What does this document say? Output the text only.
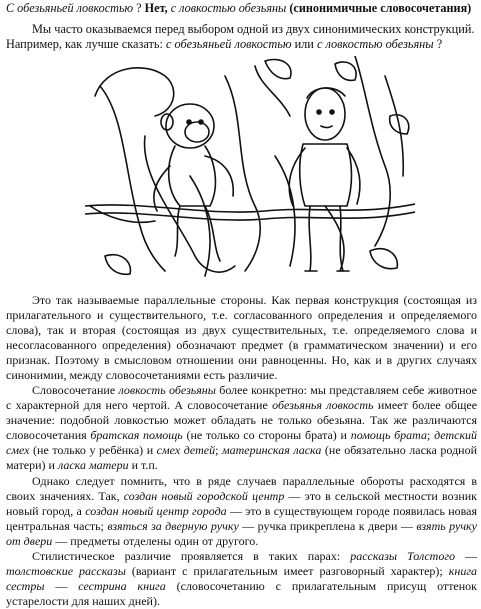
С обезьяньей ловкостью ? Нет, с ловкостью обезьяны (синонимичные словосочетания)

Мы часто оказываемся перед выбором одной из двух синонимических конструкций.

Например, как лучше сказать: с обезьяньей ловкостью или с ловкостью обезьяны ?

Это так называемые параллельные стороны. Как первая конструкция (состоящая из прилагательного и существительного, т.е. согласованного определения и определяемого слова), так и вторая (состоящая из двух существительных, т.е. определяемого слова и несогласованного определения) обозначают предмет (в грамматическом значении) и его признак. Поэтому в смысловом отношении они равноценны. Но, как и в других случаях синонимии, между словосочетаниями есть различие.

Словосочетание ловкость обезьяны более конкретно: мы представляем себе животное с характерной для него чертой. А словосочетание обезьянья ловкость имеет более общее значение: подобной ловкостью может обладать не только обезьяна. Так же различаются словосочетания братская помощь (не только со стороны брата) и помощь брата; детский смех (не только у ребёнка) и смех детей; материнская ласка (не обязательно ласка родной матери) и ласка матери и т.п.

Однако следует помнить, что в ряде случаев параллельные обороты расходятся в своих значениях. Так, создан новый городской центр — это в сельской местности возник новый город, а создан новый центр города — это в существующем городе появилась новая центральная часть; взяться за дверную ручку — ручка прикреплена к двери — взять ручку от двери — предметы отделены один от другого.

Стилистическое различие проявляется в таких парах: рассказы Толстого — толстовские рассказы (вариант с прилагательным имеет разговорный характер); книга сестры — сестрина книга (словосочетанию с прилагательным присущ оттенок устарелости для наших дней).
